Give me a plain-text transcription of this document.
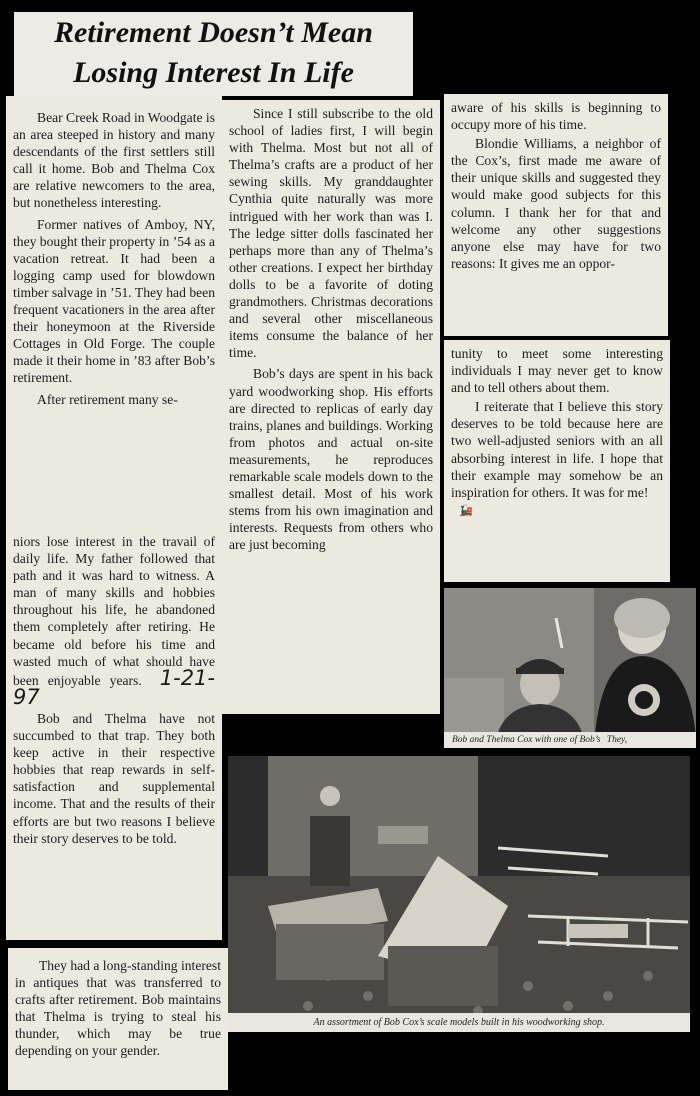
Retirement Doesn’t Mean
Losing Interest In Life

Bear Creek Road in Woodgate is an area steeped in history and many descendants of the first settlers still call it home. Bob and Thelma Cox are relative newcomers to the area, but nonetheless interesting.

Former natives of Amboy, NY, they bought their property in ’54 as a vacation retreat. It had been a logging camp used for blowdown timber salvage in ’51. They had been frequent vacationers in the area after their honeymoon at the Riverside Cottages in Old Forge. The couple made it their home in ’83 after Bob’s retirement.

After retirement many se-

niors lose interest in the travail of daily life. My father followed that path and it was hard to witness. A man of many skills and hobbies throughout his life, he abandoned them completely after retiring. He became old before his time and wasted much of what should have been enjoyable years. 1-21-97

Bob and Thelma have not succumbed to that trap. They both keep active in their respective hobbies that reap rewards in self-satisfaction and supplemental income. That and the results of their efforts are but two reasons I believe their story deserves to be told.

They had a long-standing interest in antiques that was transferred to crafts after retirement. Bob maintains that Thelma is trying to steal his thunder, which may be true depending on your gender.

Since I still subscribe to the old school of ladies first, I will begin with Thelma. Most but not all of Thelma’s crafts are a product of her sewing skills. My granddaughter Cynthia quite naturally was more intrigued with her work than was I. The ledge sitter dolls fascinated her perhaps more than any of Thelma’s other creations. I expect her birthday dolls to be a favorite of doting grandmothers. Christmas decorations and several other miscellaneous items consume the balance of her time.

Bob’s days are spent in his back yard woodworking shop. His efforts are directed to replicas of early day trains, planes and buildings. Working from photos and actual on-site measurements, he reproduces remarkable scale models down to the smallest detail. Most of his work stems from his own imagination and interests. Requests from others who are just becoming

aware of his skills is beginning to occupy more of his time.

Blondie Williams, a neighbor of the Cox’s, first made me aware of their unique skills and suggested they would make good subjects for this column. I thank her for that and welcome any other suggestions anyone else may have for two reasons: It gives me an oppor-

tunity to meet some interesting individuals I may never get to know and to tell others about them.

I reiterate that I believe this story deserves to be told because here are two well-adjusted seniors with an all absorbing interest in life. I hope that their example may somehow be an inspiration for others. It was for me!

🚂
Bob and Thelma Cox with one of Bob’s They,
An assortment of Bob Cox’s scale models built in his woodworking shop.
